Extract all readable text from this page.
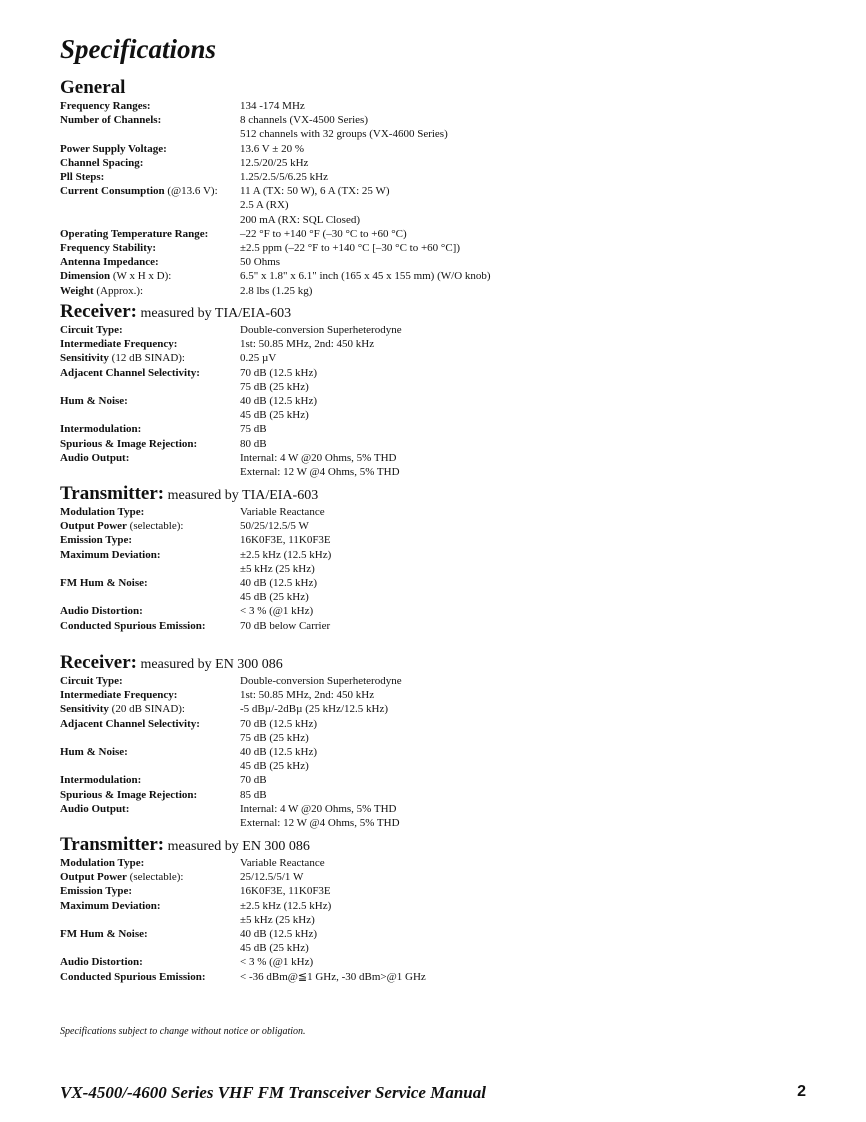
Specifications
General
Frequency Ranges:	134 -174 MHz
Number of Channels:	8 channels (VX-4500 Series)
512 channels with 32 groups (VX-4600 Series)
Power Supply Voltage:	13.6 V ± 20 %
Channel Spacing:	12.5/20/25 kHz
Pll Steps:	1.25/2.5/5/6.25 kHz
Current Consumption (@13.6 V):	11 A (TX: 50 W), 6 A (TX: 25 W)
2.5 A (RX)
200 mA (RX: SQL Closed)
Operating Temperature Range:	–22 °F to +140 °F (–30 °C to +60 °C)
Frequency Stability:	±2.5 ppm (–22 °F to +140 °C [–30 °C to +60 °C])
Antenna Impedance:	50 Ohms
Dimension (W x H x D):	6.5" x 1.8" x 6.1" inch (165 x 45 x 155 mm) (W/O knob)
Weight (Approx.):	2.8 lbs (1.25 kg)
Receiver: measured by TIA/EIA-603
Circuit Type:	Double-conversion Superheterodyne
Intermediate Frequency:	1st: 50.85 MHz, 2nd: 450 kHz
Sensitivity (12 dB SINAD):	0.25 µV
Adjacent Channel Selectivity:	70 dB (12.5 kHz)
75 dB (25 kHz)
Hum & Noise:	40 dB (12.5 kHz)
45 dB (25 kHz)
Intermodulation:	75 dB
Spurious & Image Rejection:	80 dB
Audio Output:	Internal: 4 W @20 Ohms, 5% THD
External: 12 W @4 Ohms, 5% THD
Transmitter: measured by TIA/EIA-603
Modulation Type:	Variable Reactance
Output Power (selectable):	50/25/12.5/5 W
Emission Type:	16K0F3E, 11K0F3E
Maximum Deviation:	±2.5 kHz (12.5 kHz)
±5 kHz (25 kHz)
FM Hum & Noise:	40 dB (12.5 kHz)
45 dB (25 kHz)
Audio Distortion:	< 3 % (@1 kHz)
Conducted Spurious Emission:	70 dB below Carrier
Receiver: measured by EN 300 086
Circuit Type:	Double-conversion Superheterodyne
Intermediate Frequency:	1st: 50.85 MHz, 2nd: 450 kHz
Sensitivity (20 dB SINAD):	-5 dBµ/-2dBµ (25 kHz/12.5 kHz)
Adjacent Channel Selectivity:	70 dB (12.5 kHz)
75 dB (25 kHz)
Hum & Noise:	40 dB (12.5 kHz)
45 dB (25 kHz)
Intermodulation:	70 dB
Spurious & Image Rejection:	85 dB
Audio Output:	Internal: 4 W @20 Ohms, 5% THD
External: 12 W @4 Ohms, 5% THD
Transmitter: measured by EN 300 086
Modulation Type:	Variable Reactance
Output Power (selectable):	25/12.5/5/1 W
Emission Type:	16K0F3E, 11K0F3E
Maximum Deviation:	±2.5 kHz (12.5 kHz)
±5 kHz (25 kHz)
FM Hum & Noise:	40 dB (12.5 kHz)
45 dB (25 kHz)
Audio Distortion:	< 3 % (@1 kHz)
Conducted Spurious Emission:	< -36 dBm@≦1 GHz, -30 dBm>@1 GHz
Specifications subject to change without notice or obligation.
VX-4500/-4600 Series VHF FM Transceiver Service Manual	2
